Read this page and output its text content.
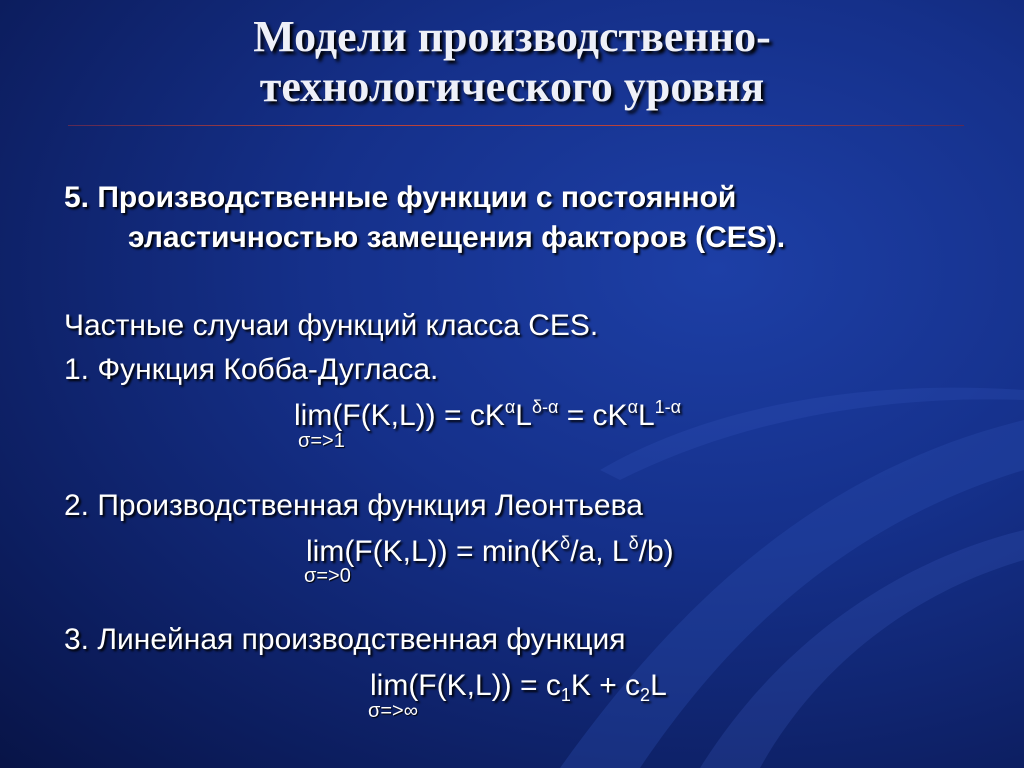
Модели производственно-
технологического уровня
5. Производственные функции с постоянной
эластичностью замещения факторов (CES).
Частные случаи функций класса CES.
1. Функция Кобба-Дугласа.
$\lim(F(K,L)) = cK^\alpha L^{\delta-\alpha} = cK^\alpha L^{1-\alpha}$
σ=>1
2. Производственная функция Леонтьева
$\lim(F(K,L)) = \min(K^\delta/a$, $L^\delta/b$)
σ=>0
3. Линейная производственная функция
$\lim(F(K,L)) = c_1K + c_2L$
σ=>∞
